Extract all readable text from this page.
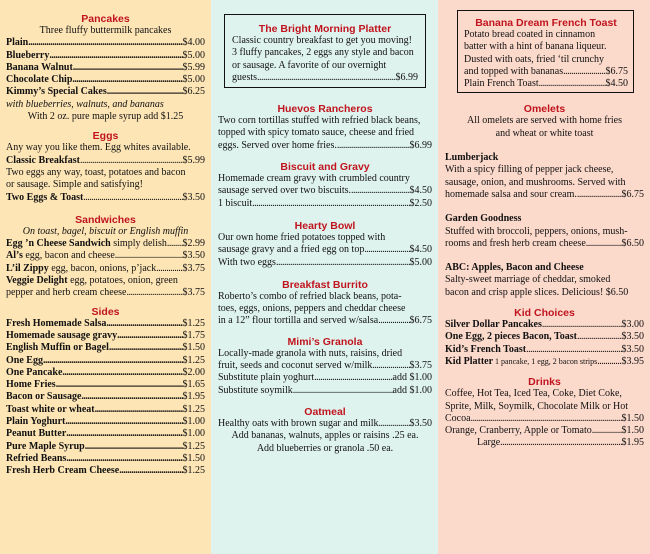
Pancakes

Three fluffy buttermilk pancakes

Plain .....	$4.00
Blueberry .....	$5.00
Banana Walnut .....	$5.99
Chocolate Chip .....	$5.00
Kimmy’s Special Cakes .....	$6.25

with blueberries, walnuts, and bananas

With 2 oz. pure maple syrup add $1.25

Eggs

Any way you like them. Egg whites available.

Classic Breakfast .....	$5.99

Two eggs any way, toast, potatoes and bacon

or sausage. Simple and satisfying!

Two Eggs & Toast .....	$3.50

Sandwiches

On toast, bagel, biscuit or English muffin

Egg ’n Cheese Sandwich simply delish ..... $2.99
Al’s egg, bacon and cheese .....	$3.50
L’il Zippy egg, bacon, onions, p’jack .....	$3.75

Veggie Delight egg, potatoes, onion, green

pepper and herb cream cheese .....	$3.75

Sides

Fresh Homemade Salsa .....	$1.25
Homemade sausage gravy .....	$1.75
English Muffin or Bagel .....	$1.50
One Egg .....	$1.25
One Pancake .....	$2.00
Home Fries .....	$1.65
Bacon or Sausage .....	$1.95
Toast white or wheat .....	$1.25
Plain Yoghurt .....	$1.00
Peanut Butter .....	$1.00
Pure Maple Syrup .....	$1.25
Refried Beans .....	$1.50
Fresh Herb Cream Cheese .....	$1.25

The Bright Morning Platter

Classic country breakfast to get you moving!

3 fluffy pancakes, 2 eggs any style and bacon

or sausage. A favorite of our overnight

guests .....	$6.99

Huevos Rancheros

Two corn tortillas stuffed with refried black beans,

topped with spicy tomato sauce, cheese and fried

eggs. Served over home fries. .....	$6.99

Biscuit and Gravy

Homemade cream gravy with crumbled country

sausage served over two biscuits. .....	$4.50
1 biscuit .....	$2.50

Hearty Bowl

Our own home fried potatoes topped with

sausage gravy and a fried egg on top .....	$4.50
With two eggs .....	$5.00

Breakfast Burrito

Roberto’s combo of refried black beans, pota-

toes, eggs, onions, peppers and cheddar cheese

in a 12” flour tortilla and served w/salsa .....	$6.75

Mimi’s Granola

Locally-made granola with nuts, raisins, dried

fruit, seeds and coconut served w/milk .....	$3.75
Substitute plain yoghurt .....	add $1.00
Substitute soymilk .....	add $1.00

Oatmeal

Healthy oats with brown sugar and milk .....	$3.50

Add bananas, walnuts, apples or raisins .25 ea.

Add blueberries or granola .50 ea.

Banana Dream French Toast

Potato bread coated in cinnamon

batter with a hint of banana liqueur.

Dusted with oats, fried ‘til crunchy

and topped with bananas .....	$6.75
Plain French Toast .....	$4.50

Omelets

All omelets are served with home fries

and wheat or white toast

Lumberjack

With a spicy filling of pepper jack cheese,

sausage, onion, and mushrooms. Served with

homemade salsa and sour cream. .....	$6.75

Garden Goodness

Stuffed with broccoli, peppers, onions, mush-

rooms and fresh herb cream cheese .....	$6.50

ABC: Apples, Bacon and Cheese

Salty-sweet marriage of cheddar, smoked

bacon and crisp apple slices. Delicious! $6.50

Kid Choices

Silver Dollar Pancakes .....	$3.00
One Egg, 2 pieces Bacon, Toast .....	$3.50
Kid’s French Toast .....	$3.50
Kid Platter 1 pancake, 1 egg, 2 bacon strips ..... $3.95

Drinks

Coffee, Hot Tea, Iced Tea, Coke, Diet Coke,

Sprite, Milk, Soymilk, Chocolate Milk or Hot

Cocoa .....	$1.50
Orange, Cranberry, Apple or Tomato .....	$1.50
Large .....	$1.95
